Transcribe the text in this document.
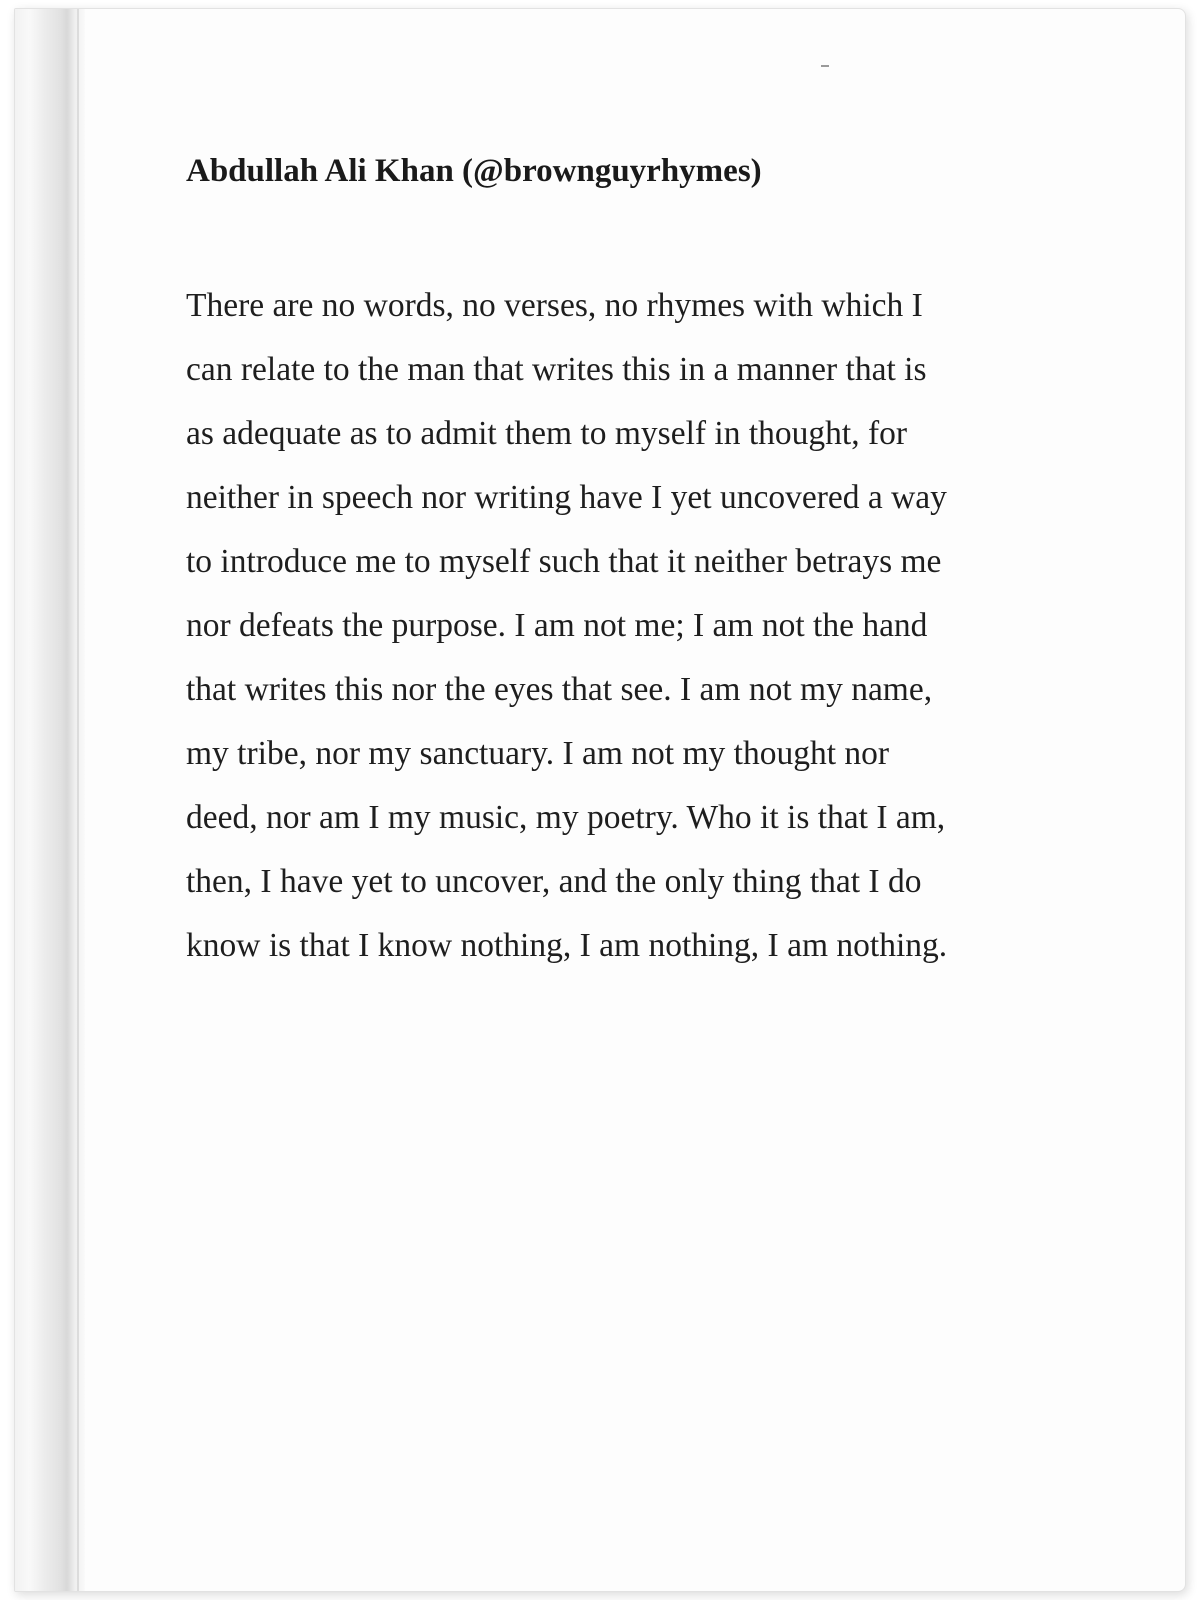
Abdullah Ali Khan (@brownguyrhymes)

There are no words, no verses, no rhymes with which I
can relate to the man that writes this in a manner that is
as adequate as to admit them to myself in thought, for
neither in speech nor writing have I yet uncovered a way
to introduce me to myself such that it neither betrays me
nor defeats the purpose. I am not me; I am not the hand
that writes this nor the eyes that see. I am not my name,
my tribe, nor my sanctuary. I am not my thought nor
deed, nor am I my music, my poetry. Who it is that I am,
then, I have yet to uncover, and the only thing that I do
know is that I know nothing, I am nothing, I am nothing.
